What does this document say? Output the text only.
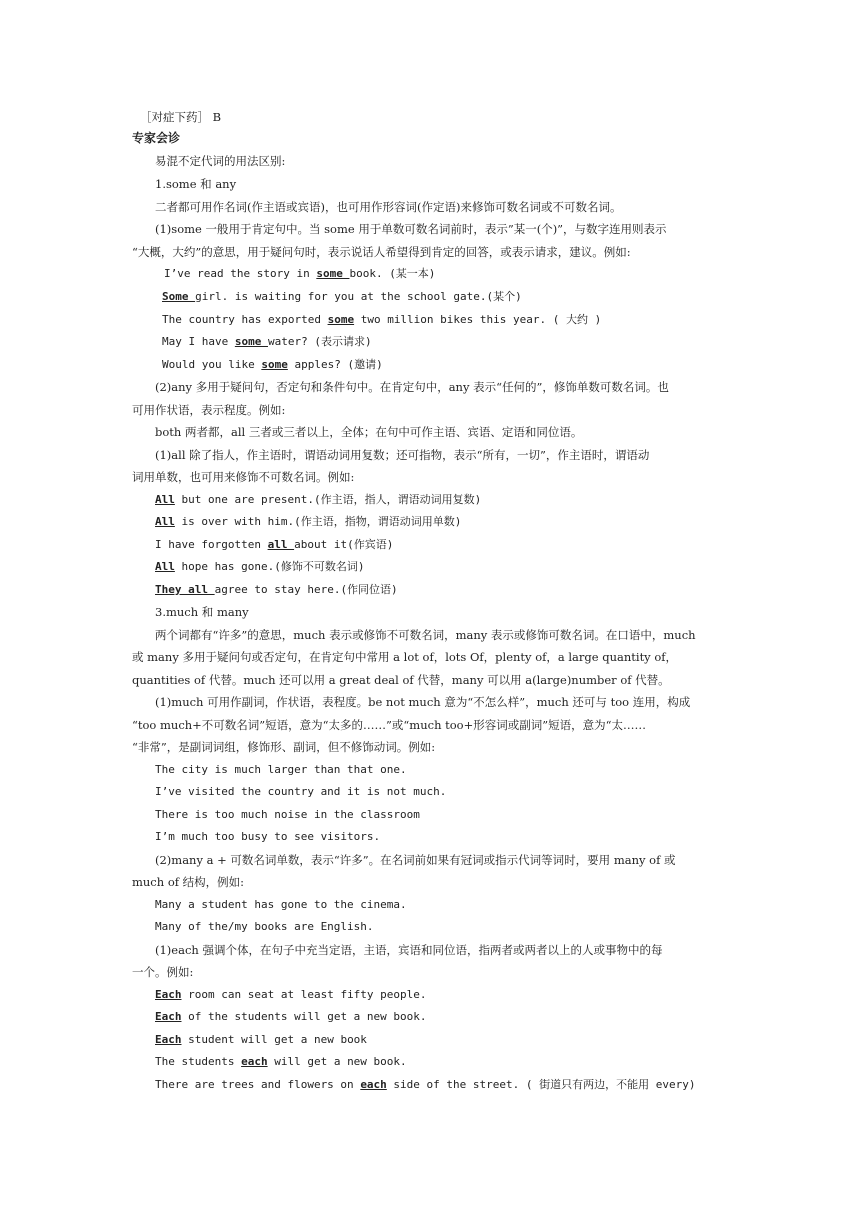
［对症下药］ B
专家会诊
易混不定代词的用法区别:
1.some 和 any
二者都可用作名词(作主语或宾语)，也可用作形容词(作定语)来修饰可数名词或不可数名词。
(1)some 一般用于肯定句中。当 some 用于单数可数名词前时，表示”某一(个)”，与数字连用则表示
“大概，大约”的意思，用于疑问句时，表示说话人希望得到肯定的回答，或表示请求，建议。例如:
I’ve read the story in some book. (某一本)
Some girl. is waiting for you at the school gate.(某个)
The country has exported some two million bikes this year. ( 大约 )
May I have some water? (表示请求)
Would you like some apples? (邀请)
(2)any 多用于疑问句，否定句和条件句中。在肯定句中，any 表示“任何的”，修饰单数可数名词。也
可用作状语，表示程度。例如:
both 两者都，all 三者或三者以上，全体；在句中可作主语、宾语、定语和同位语。
(1)all 除了指人，作主语时，谓语动词用复数；还可指物，表示“所有，一切”，作主语时，谓语动
词用单数，也可用来修饰不可数名词。例如:
All but one are present.(作主语，指人，谓语动词用复数)
All is over with him.(作主语，指物，谓语动词用单数)
I have forgotten all about it(作宾语)
All hope has gone.(修饰不可数名词)
They all agree to stay here.(作同位语)
3.much 和 many
两个词都有“许多”的意思，much 表示或修饰不可数名词，many 表示或修饰可数名词。在口语中，much
或 many 多用于疑问句或否定句，在肯定句中常用 a lot of，lots Of，plenty of，a large quantity of，
quantities of 代替。much 还可以用 a great deal of 代替，many 可以用 a(large)number of 代替。
(1)much 可用作副词，作状语，表程度。be not much 意为“不怎么样”，much 还可与 too 连用，构成
“too much+不可数名词”短语，意为“太多的……”或“much too+形容词或副词”短语，意为“太……
“非常”，是副词词组，修饰形、副词，但不修饰动词。例如:
The city is much larger than that one.
I’ve visited the country and it is not much.
There is too much noise in the classroom
I’m much too busy to see visitors.
(2)many a + 可数名词单数，表示“许多”。在名词前如果有冠词或指示代词等词时，要用 many of 或
much of 结构，例如:
Many a student has gone to the cinema.
Many of the/my books are English.
(1)each 强调个体，在句子中充当定语，主语，宾语和同位语，指两者或两者以上的人或事物中的每
一个。例如:
Each room can seat at least fifty people.
Each of the students will get a new book.
Each student will get a new book
The students each will get a new book.
There are trees and flowers on each side of the street. ( 街道只有两边，不能用 every)
